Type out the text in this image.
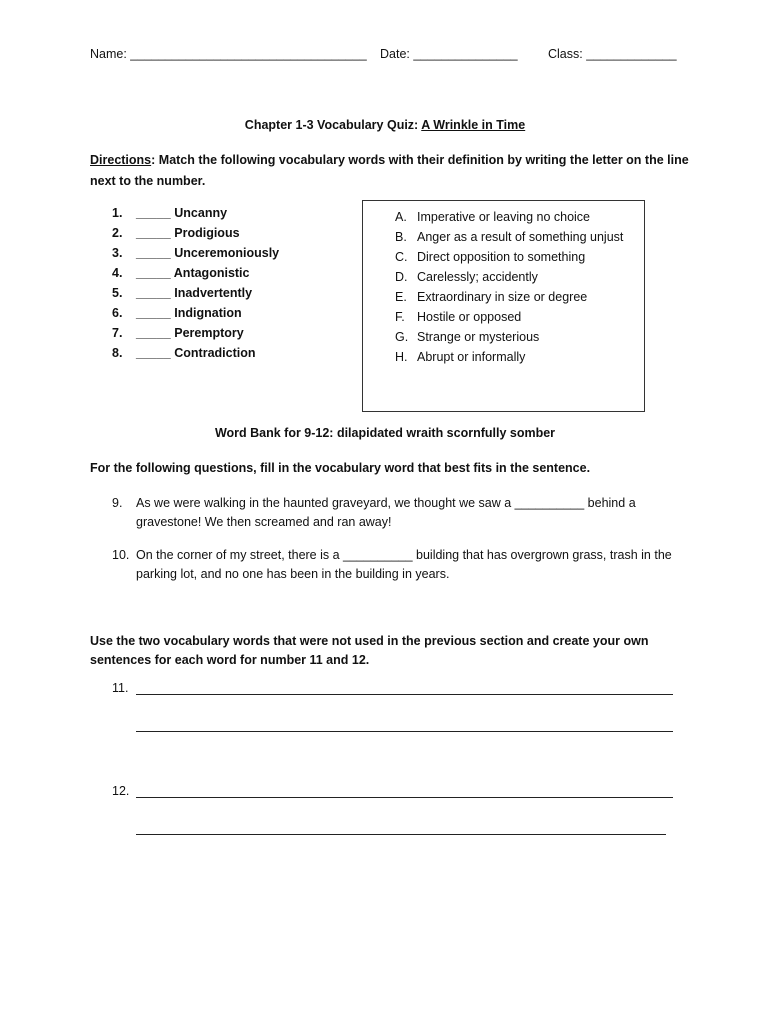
Name: __________________________________ Date: _______________ Class: _____________
Chapter 1-3 Vocabulary Quiz: A Wrinkle in Time
Directions: Match the following vocabulary words with their definition by writing the letter on the line next to the number.
1. _____ Uncanny
2. _____ Prodigious
3. _____ Unceremoniously
4. _____ Antagonistic
5. _____ Inadvertently
6. _____ Indignation
7. _____ Peremptory
8. _____ Contradiction
A. Imperative or leaving no choice
B. Anger as a result of something unjust
C. Direct opposition to something
D. Carelessly; accidently
E. Extraordinary in size or degree
F. Hostile or opposed
G. Strange or mysterious
H. Abrupt or informally
Word Bank for 9-12: dilapidated wraith scornfully somber
For the following questions, fill in the vocabulary word that best fits in the sentence.
9.	As we were walking in the haunted graveyard, we thought we saw a __________ behind a gravestone! We then screamed and ran away!
10. On the corner of my street, there is a __________ building that has overgrown grass, trash in the parking lot, and no one has been in the building in years.
Use the two vocabulary words that were not used in the previous section and create your own sentences for each word for number 11 and 12.
11.
12.
